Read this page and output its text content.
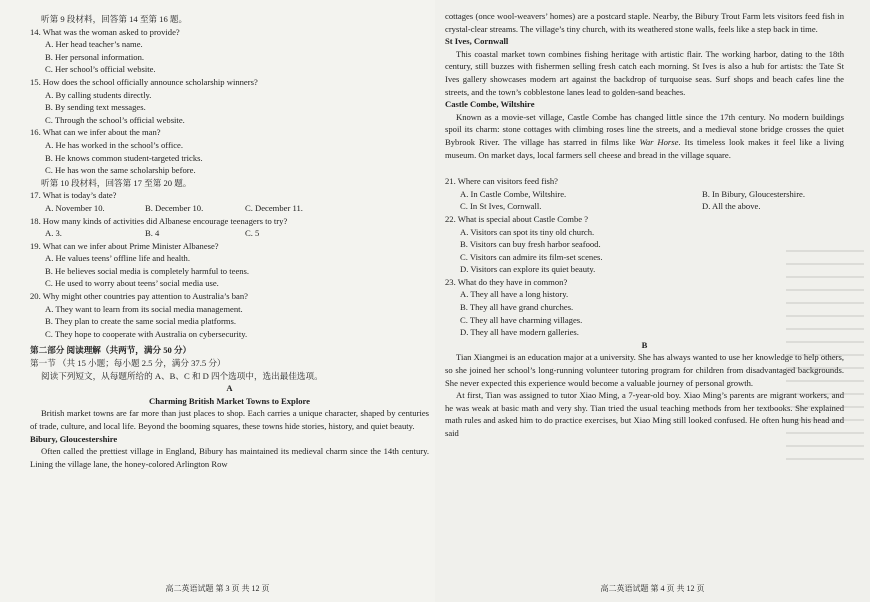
听第 9 段材料，回答第 14 至第 16 题。
14. What was the woman asked to provide?
A. Her head teacher’s name.
B. Her personal information.
C. Her school’s official website.
15. How does the school officially announce scholarship winners?
A. By calling students directly.
B. By sending text messages.
C. Through the school’s official website.
16. What can we infer about the man?
A. He has worked in the school’s office.
B. He knows common student-targeted tricks.
C. He has won the same scholarship before.
听第 10 段材料，回答第 17 至第 20 题。
17. What is today’s date?
A. November 10.	B. December 10.	C. December 11.
18. How many kinds of activities did Albanese encourage teenagers to try?
A. 3.	B. 4	C. 5
19. What can we infer about Prime Minister Albanese?
A. He values teens’ offline life and health.
B. He believes social media is completely harmful to teens.
C. He used to worry about teens’ social media use.
20. Why might other countries pay attention to Australia’s ban?
A. They want to learn from its social media management.
B. They plan to create the same social media platforms.
C. They hope to cooperate with Australia on cybersecurity.
第二部分 阅读理解（共两节，满分 50 分）
第一节 （共 15 小题；每小题 2.5 分，满分 37.5 分）
阅读下列短文，从每题所给的 A、B、C 和 D 四个选项中，选出最佳选项。
A
Charming British Market Towns to Explore
British market towns are far more than just places to shop. Each carries a unique character, shaped by centuries of trade, culture, and local life. Beyond the booming squares, these towns hide stories, history, and quiet beauty.
Bibury, Gloucestershire
Often called the prettiest village in England, Bibury has maintained its medieval charm since the 14th century. Lining the village lane, the honey-colored Arlington Row
高二英语试题 第 3 页 共 12 页
cottages (once wool-weavers’ homes) are a postcard staple. Nearby, the Bibury Trout Farm lets visitors feed fish in crystal-clear streams. The village’s tiny church, with its weathered stone walls, feels like a step back in time.
St Ives, Cornwall
This coastal market town combines fishing heritage with artistic flair. The working harbor, dating to the 18th century, still buzzes with fishermen selling fresh catch each morning. St Ives is also a hub for artists: the Tate St Ives gallery showcases modern art against the backdrop of turquoise seas. Surf shops and beach cafes line the streets, and the town’s cobblestone lanes lead to golden-sand beaches.
Castle Combe, Wiltshire
Known as a movie-set village, Castle Combe has changed little since the 17th century. No modern buildings spoil its charm: stone cottages with climbing roses line the streets, and a medieval stone bridge crosses the quiet Bybrook River. The village has starred in films like War Horse. Its timeless look makes it feel like a living museum. On market days, local farmers sell cheese and bread in the village square.
21. Where can visitors feed fish?
A. In Castle Combe, Wiltshire.	B. In Bibury, Gloucestershire.
C. In St Ives, Cornwall.	D. All the above.
22. What is special about Castle Combe ?
A. Visitors can spot its tiny old church.
B. Visitors can buy fresh harbor seafood.
C. Visitors can admire its film-set scenes.
D. Visitors can explore its quiet beauty.
23. What do they have in common?
A. They all have a long history.
B. They all have grand churches.
C. They all have charming villages.
D. They all have modern galleries.
B
Tian Xiangmei is an education major at a university. She has always wanted to use her knowledge to help others, so she joined her school’s long-running volunteer tutoring program for children from disadvantaged backgrounds. She never expected this experience would become a valuable journey of personal growth.
At first, Tian was assigned to tutor Xiao Ming, a 7-year-old boy. Xiao Ming’s parents are migrant workers, and he was weak at basic math and very shy. Tian tried the usual teaching methods from her textbooks. She explained math rules and asked him to do practice exercises, but Xiao Ming still looked confused. He often hung his head and said
高二英语试题 第 4 页 共 12 页
